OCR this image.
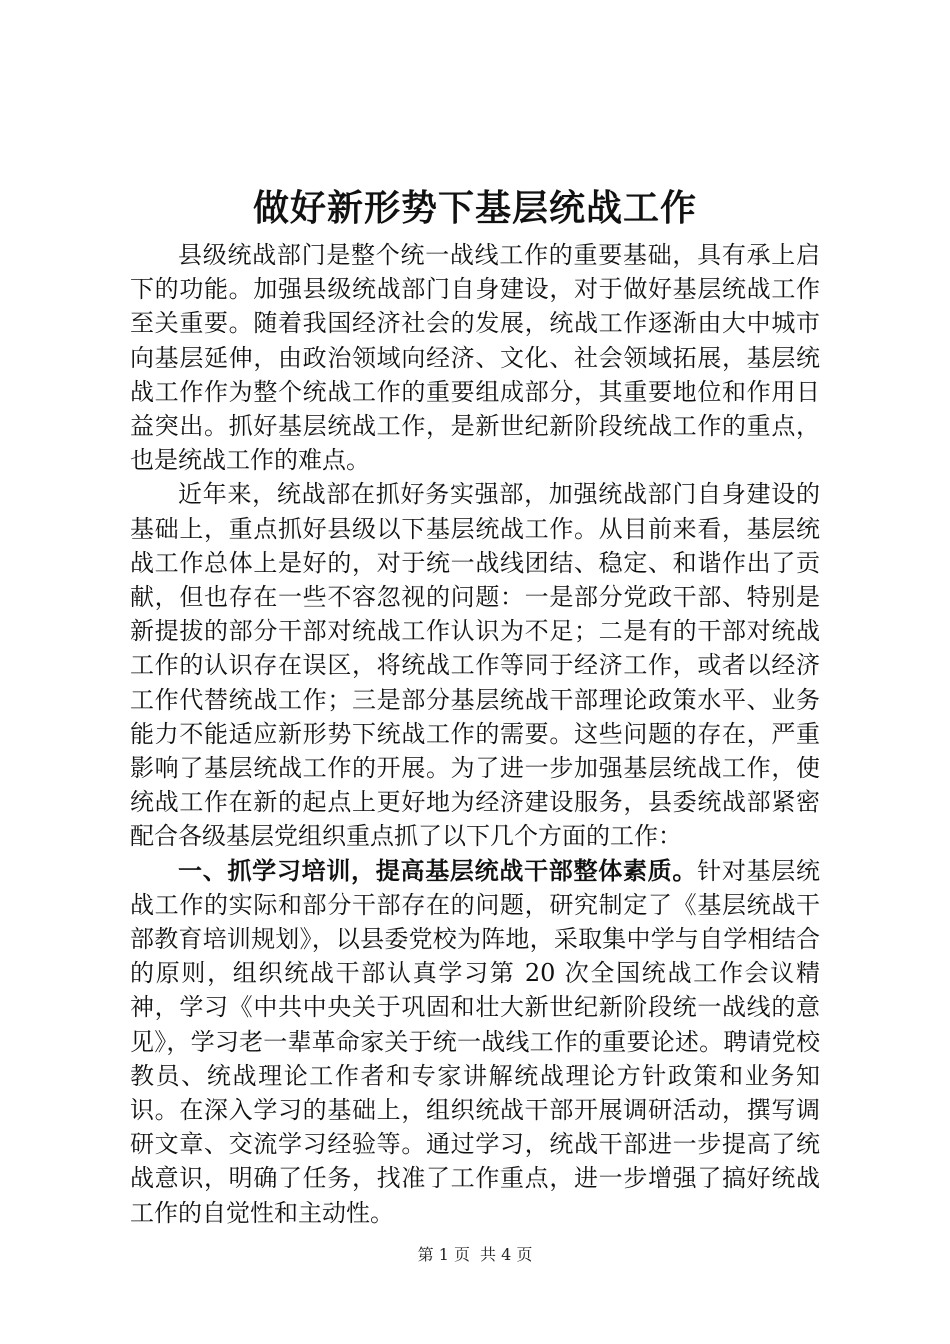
做好新形势下基层统战工作

县级统战部门是整个统一战线工作的重要基础，具有承上启下的功能。加强县级统战部门自身建设，对于做好基层统战工作至关重要。随着我国经济社会的发展，统战工作逐渐由大中城市向基层延伸，由政治领域向经济、文化、社会领域拓展，基层统战工作作为整个统战工作的重要组成部分，其重要地位和作用日益突出。抓好基层统战工作，是新世纪新阶段统战工作的重点，也是统战工作的难点。

近年来，统战部在抓好务实强部，加强统战部门自身建设的基础上，重点抓好县级以下基层统战工作。从目前来看，基层统战工作总体上是好的，对于统一战线团结、稳定、和谐作出了贡献，但也存在一些不容忽视的问题：一是部分党政干部、特别是新提拔的部分干部对统战工作认识为不足；二是有的干部对统战工作的认识存在误区，将统战工作等同于经济工作，或者以经济工作代替统战工作；三是部分基层统战干部理论政策水平、业务能力不能适应新形势下统战工作的需要。这些问题的存在，严重影响了基层统战工作的开展。为了进一步加强基层统战工作，使统战工作在新的起点上更好地为经济建设服务，县委统战部紧密配合各级基层党组织重点抓了以下几个方面的工作：

一、抓学习培训，提高基层统战干部整体素质。针对基层统战工作的实际和部分干部存在的问题，研究制定了《基层统战干部教育培训规划》，以县委党校为阵地，采取集中学与自学相结合的原则，组织统战干部认真学习第 20 次全国统战工作会议精神，学习《中共中央关于巩固和壮大新世纪新阶段统一战线的意见》，学习老一辈革命家关于统一战线工作的重要论述。聘请党校教员、统战理论工作者和专家讲解统战理论方针政策和业务知识。在深入学习的基础上，组织统战干部开展调研活动，撰写调研文章、交流学习经验等。通过学习，统战干部进一步提高了统战意识，明确了任务，找准了工作重点，进一步增强了搞好统战工作的自觉性和主动性。

第 1 页 共 4 页
